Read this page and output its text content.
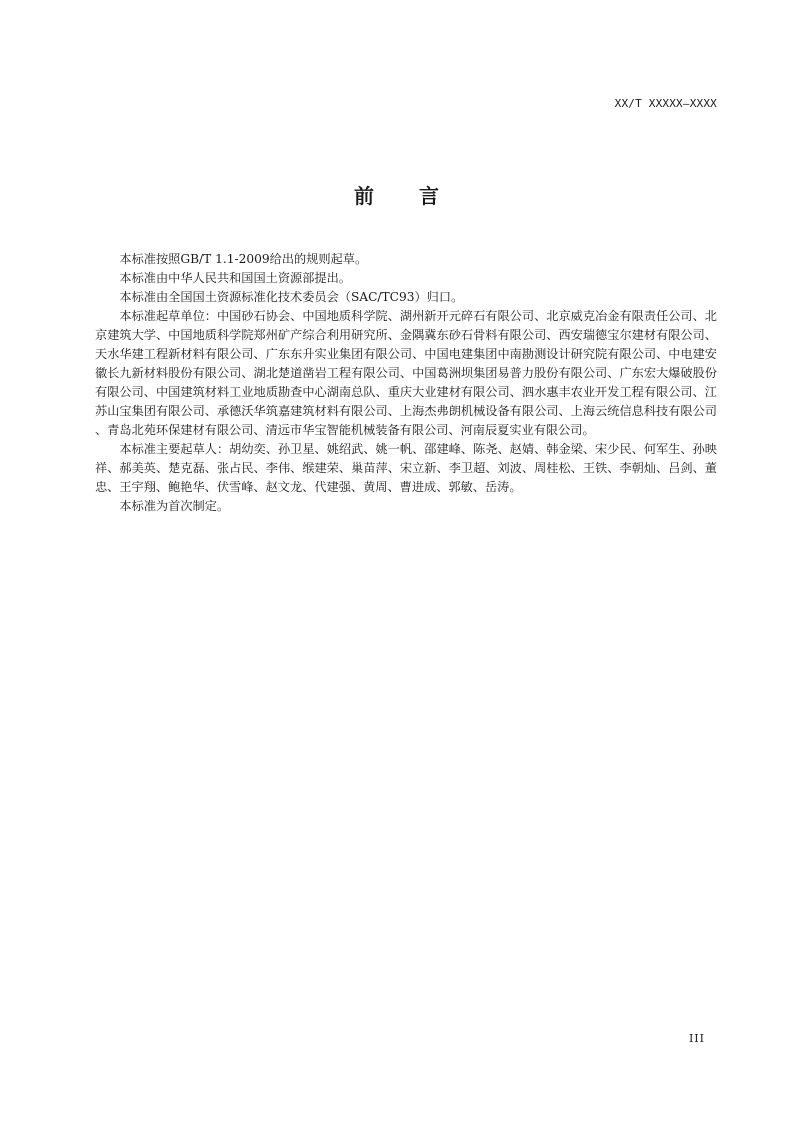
XX/T XXXXX—XXXX
前言

本标准按照GB/T 1.1-2009给出的规则起草。

本标准由中华人民共和国国土资源部提出。

本标准由全国国土资源标准化技术委员会（SAC/TC93）归口。

本标准起草单位：中国砂石协会、中国地质科学院、湖州新开元碎石有限公司、北京威克冶金有限责任公司、北京建筑大学、中国地质科学院郑州矿产综合利用研究所、金隅冀东砂石骨料有限公司、西安瑞德宝尔建材有限公司、天水华建工程新材料有限公司、广东东升实业集团有限公司、中国电建集团中南勘测设计研究院有限公司、中电建安徽长九新材料股份有限公司、湖北楚道凿岩工程有限公司、中国葛洲坝集团易普力股份有限公司、广东宏大爆破股份有限公司、中国建筑材料工业地质勘查中心湖南总队、重庆大业建材有限公司、泗水惠丰农业开发工程有限公司、江苏山宝集团有限公司、承德沃华筑嘉建筑材料有限公司、上海杰弗朗机械设备有限公司、上海云统信息科技有限公司、青岛北苑环保建材有限公司、清远市华宝智能机械装备有限公司、河南辰夏实业有限公司。

本标准主要起草人：胡幼奕、孙卫星、姚绍武、姚一帆、邵建峰、陈尧、赵婧、韩金梁、宋少民、何军生、孙映祥、郝美英、楚克磊、张占民、李伟、缑建荣、巢苗萍、宋立新、李卫超、刘波、周桂松、王铁、李朝灿、吕剑、董忠、王宇翔、鲍艳华、伏雪峰、赵文龙、代建强、黄周、曹进成、郭敏、岳涛。

本标准为首次制定。

III
